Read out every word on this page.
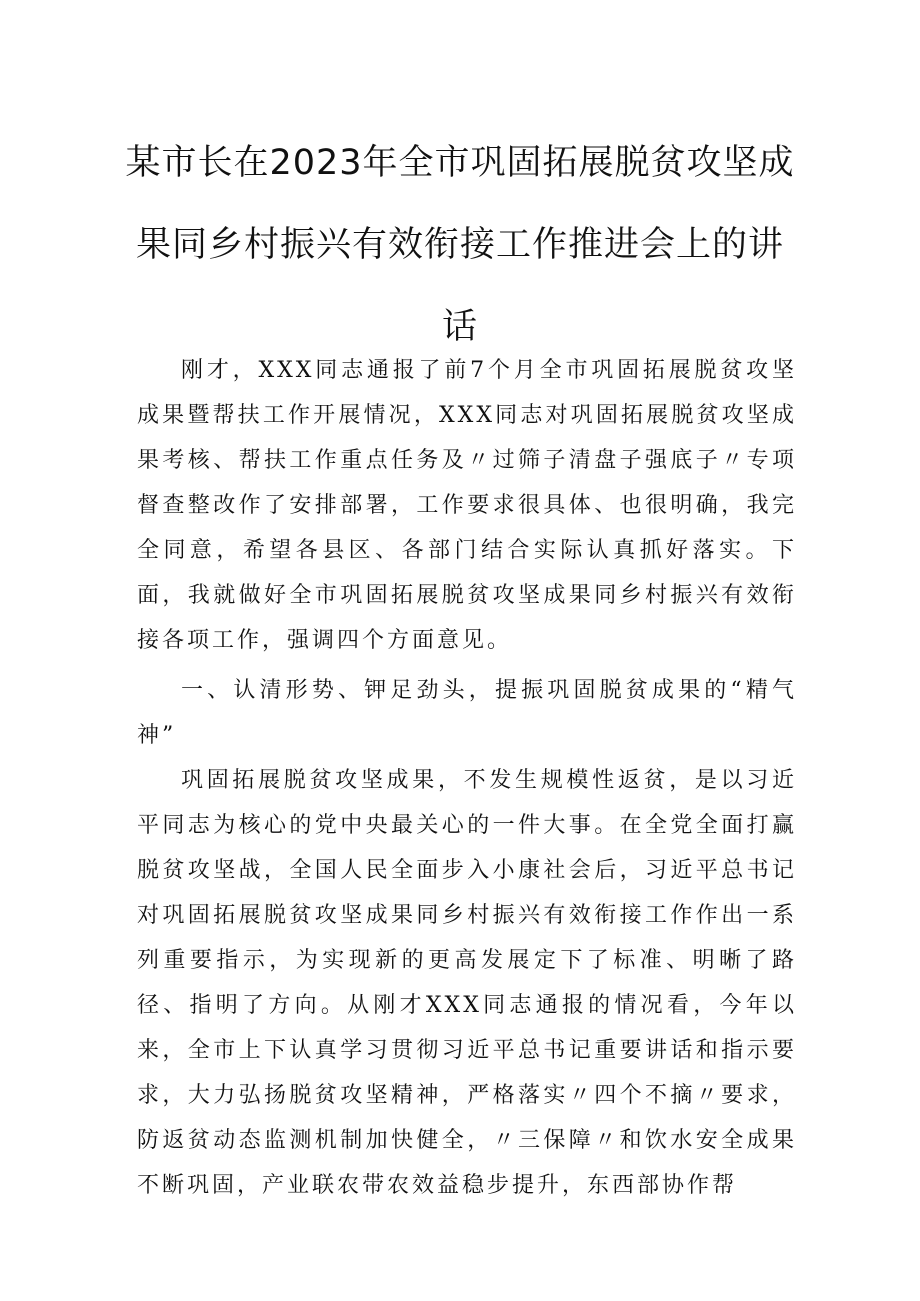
某市长在2023年全市巩固拓展脱贫攻坚成果同乡村振兴有效衔接工作推进会上的讲话

刚才，XXX同志通报了前7个月全市巩固拓展脱贫攻坚成果暨帮扶工作开展情况，XXX同志对巩固拓展脱贫攻坚成果考核、帮扶工作重点任务及〃过筛子清盘子强底子〃专项督查整改作了安排部署，工作要求很具体、也很明确，我完全同意，希望各县区、各部门结合实际认真抓好落实。下面，我就做好全市巩固拓展脱贫攻坚成果同乡村振兴有效衔接各项工作，强调四个方面意见。

一、认清形势、钾足劲头，提振巩固脱贫成果的“精气神”

巩固拓展脱贫攻坚成果，不发生规模性返贫，是以习近平同志为核心的党中央最关心的一件大事。在全党全面打赢脱贫攻坚战，全国人民全面步入小康社会后，习近平总书记对巩固拓展脱贫攻坚成果同乡村振兴有效衔接工作作出一系列重要指示，为实现新的更高发展定下了标准、明晰了路径、指明了方向。从刚才XXX同志通报的情况看，今年以来，全市上下认真学习贯彻习近平总书记重要讲话和指示要求，大力弘扬脱贫攻坚精神，严格落实〃四个不摘〃要求，防返贫动态监测机制加快健全，〃三保障〃和饮水安全成果不断巩固，产业联农带农效益稳步提升，东西部协作帮
